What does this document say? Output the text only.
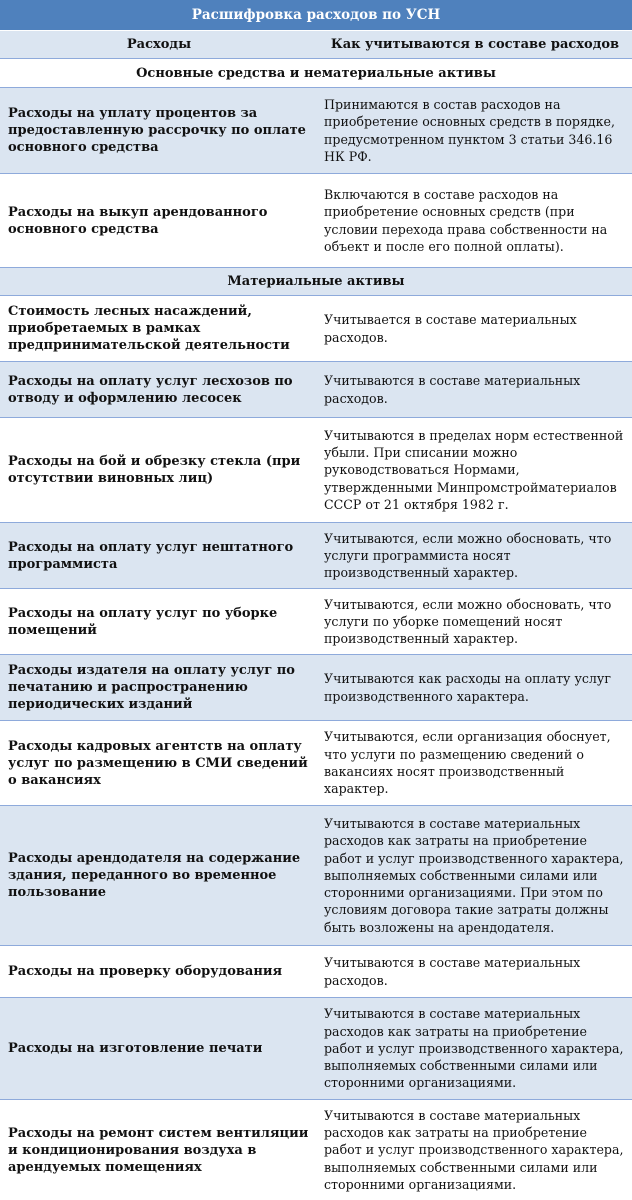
Расшифровка расходов по УСН
Расходы	Как учитываются в составе расходов
Основные средства и нематериальные активы
Расходы на уплату процентов за предоставленную рассрочку по оплате основного средства
Принимаются в состав расходов на приобретение основных средств в порядке, предусмотренном пунктом 3 статьи 346.16 НК РФ.
Расходы на выкуп арендованного основного средства
Включаются в составе расходов на приобретение основных средств (при условии перехода права собственности на объект и после его полной оплаты).
Материальные активы
Стоимость лесных насаждений, приобретаемых в рамках предпринимательской деятельности
Учитывается в составе материальных расходов.
Расходы на оплату услуг лесхозов по отводу и оформлению лесосек
Учитываются в составе материальных расходов.
Расходы на бой и обрезку стекла (при отсутствии виновных лиц)
Учитываются в пределах норм естественной убыли. При списании можно руководствоваться Нормами, утвержденными Минпромстройматериалов СССР от 21 октября 1982 г.
Расходы на оплату услуг нештатного программиста
Учитываются, если можно обосновать, что услуги программиста носят производственный характер.
Расходы на оплату услуг по уборке помещений
Учитываются, если можно обосновать, что услуги по уборке помещений носят производственный характер.
Расходы издателя на оплату услуг по печатанию и распространению периодических изданий
Учитываются как расходы на оплату услуг производственного характера.
Расходы кадровых агентств на оплату услуг по размещению в СМИ сведений о вакансиях
Учитываются, если организация обоснует, что услуги по размещению сведений о вакансиях носят производственный характер.
Расходы арендодателя на содержание здания, переданного во временное пользование
Учитываются в составе материальных расходов как затраты на приобретение работ и услуг производственного характера, выполняемых собственными силами или сторонними организациями. При этом по условиям договора такие затраты должны быть возложены на арендодателя.
Расходы на проверку оборудования
Учитываются в составе материальных расходов.
Расходы на изготовление печати
Учитываются в составе материальных расходов как затраты на приобретение работ и услуг производственного характера, выполняемых собственными силами или сторонними организациями.
Расходы на ремонт систем вентиляции и кондиционирования воздуха в арендуемых помещениях
Учитываются в составе материальных расходов как затраты на приобретение работ и услуг производственного характера, выполняемых собственными силами или сторонними организациями.
